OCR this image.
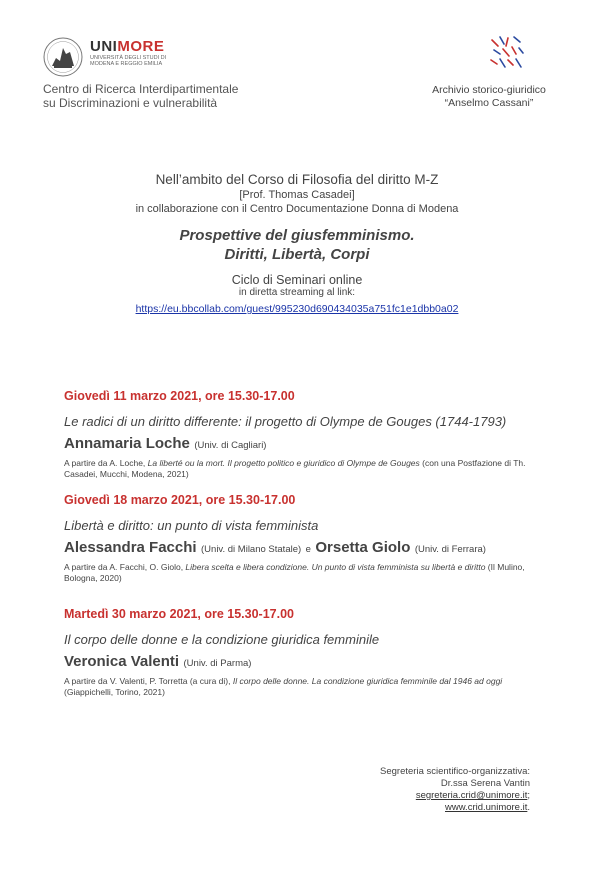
UNIMORE
UNIVERSITÀ DEGLI STUDI DI
MODENA E REGGIO EMILIA
Centro di Ricerca Interdipartimentale
su Discriminazioni e vulnerabilità
Archivio storico-giuridico
“Anselmo Cassani”
Nell’ambito del Corso di Filosofia del diritto M-Z
[Prof. Thomas Casadei]
in collaborazione con il Centro Documentazione Donna di Modena
Prospettive del giusfemminismo.
Diritti, Libertà, Corpi
Ciclo di Seminari online
in diretta streaming al link:
https://eu.bbcollab.com/guest/995230d690434035a751fc1e1dbb0a02
Giovedì 11 marzo 2021, ore 15.30-17.00
Le radici di un diritto differente: il progetto di Olympe de Gouges (1744-1793)
Annamaria Loche (Univ. di Cagliari)
A partire da A. Loche, La liberté ou la mort. Il progetto politico e giuridico di Olympe de Gouges (con una Postfazione di Th. Casadei, Mucchi, Modena, 2021)
Giovedì 18 marzo 2021, ore 15.30-17.00
Libertà e diritto: un punto di vista femminista
Alessandra Facchi (Univ. di Milano Statale) e Orsetta Giolo (Univ. di Ferrara)
A partire da A. Facchi, O. Giolo, Libera scelta e libera condizione. Un punto di vista femminista su libertà e diritto (Il Mulino, Bologna, 2020)
Martedì 30 marzo 2021, ore 15.30-17.00
Il corpo delle donne e la condizione giuridica femminile
Veronica Valenti (Univ. di Parma)
A partire da V. Valenti, P. Torretta (a cura di), Il corpo delle donne. La condizione giuridica femminile dal 1946 ad oggi (Giappichelli, Torino, 2021)
Segreteria scientifico-organizzativa:
Dr.ssa Serena Vantin
segreteria.crid@unimore.it;
www.crid.unimore.it.
